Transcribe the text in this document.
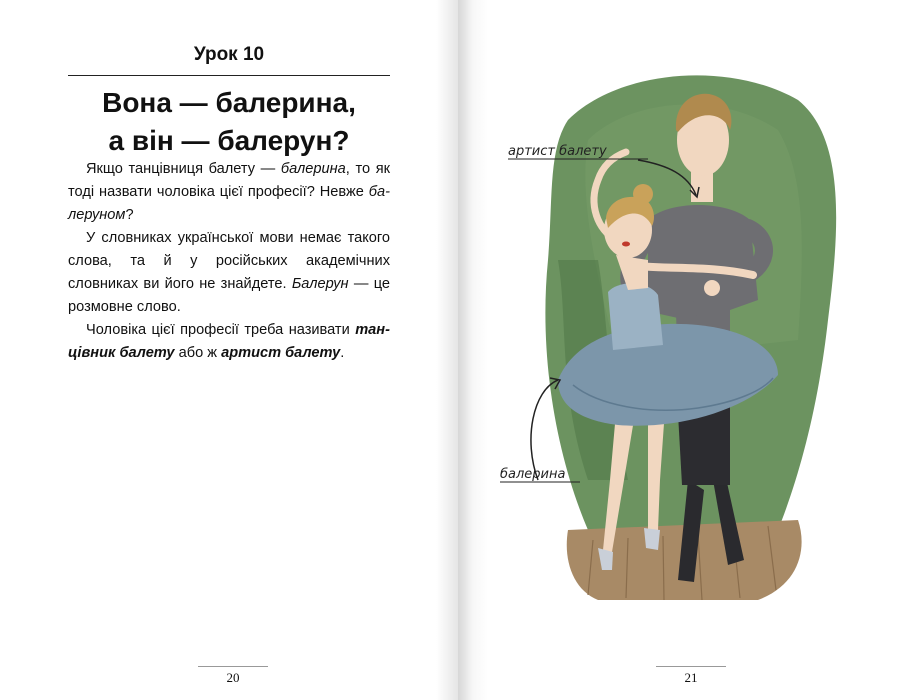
Урок 10
Вона — балерина,
а він — балерун?

Якщо танцівниця балету — балерина, то як тоді назвати чоловіка цієї професії? Невже балеруном?

У словниках української мови немає такого слова, та й у російських академічних словниках ви його не знайдете. Балерун — це розмовне слово.

Чоловіка цієї професії треба називати танцівник балету або ж артист балету.

20
артист балету
балерина
21
